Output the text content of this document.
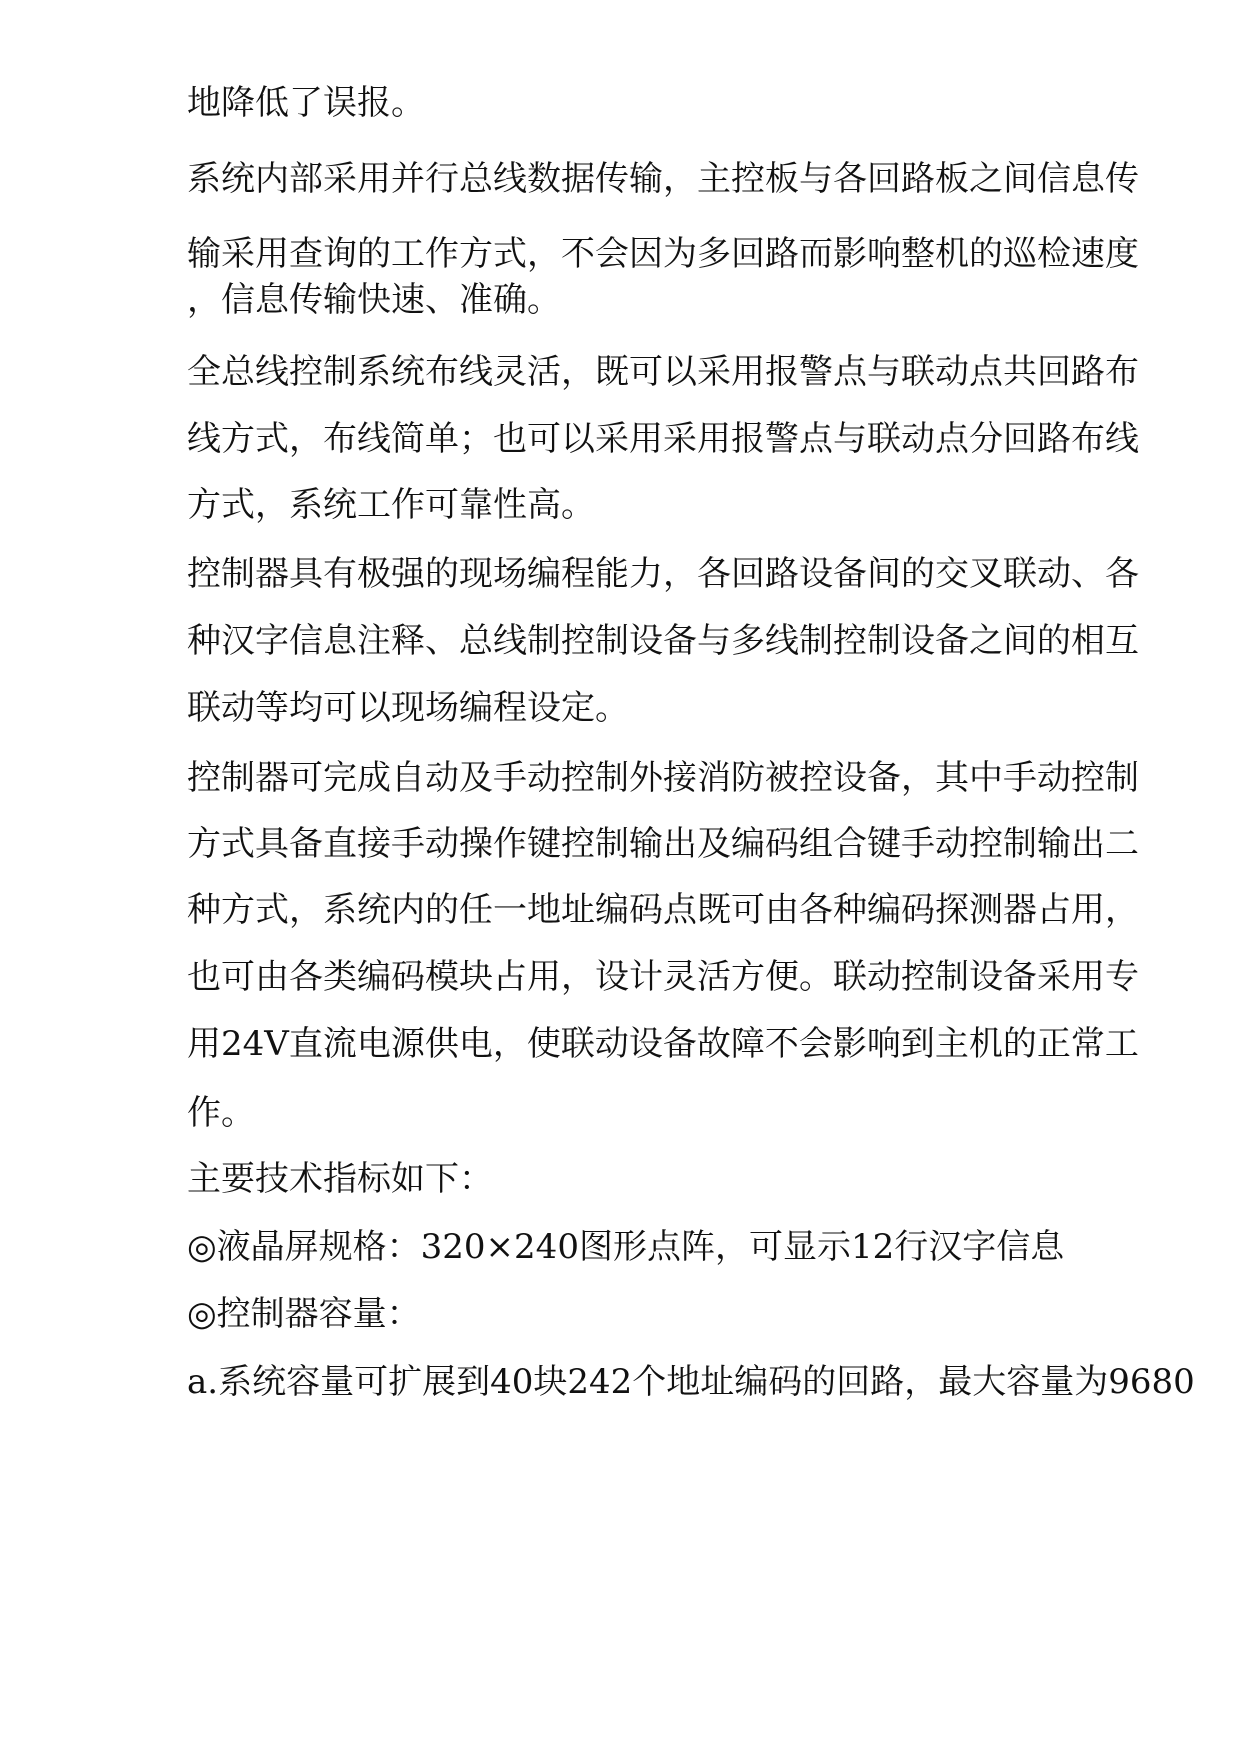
地降低了误报。

系统内部采用并行总线数据传输，主控板与各回路板之间信息传

输采用查询的工作方式，不会因为多回路而影响整机的巡检速度

，信息传输快速、准确。

全总线控制系统布线灵活，既可以采用报警点与联动点共回路布

线方式，布线简单；也可以采用采用报警点与联动点分回路布线

方式，系统工作可靠性高。

控制器具有极强的现场编程能力，各回路设备间的交叉联动、各

种汉字信息注释、总线制控制设备与多线制控制设备之间的相互

联动等均可以现场编程设定。

控制器可完成自动及手动控制外接消防被控设备，其中手动控制

方式具备直接手动操作键控制输出及编码组合键手动控制输出二

种方式，系统内的任一地址编码点既可由各种编码探测器占用，

也可由各类编码模块占用，设计灵活方便。联动控制设备采用专

用24V直流电源供电，使联动设备故障不会影响到主机的正常工

作。

主要技术指标如下：

◎液晶屏规格：320×240图形点阵，可显示12行汉字信息

◎控制器容量：

a.系统容量可扩展到40块242个地址编码的回路，最大容量为9680
